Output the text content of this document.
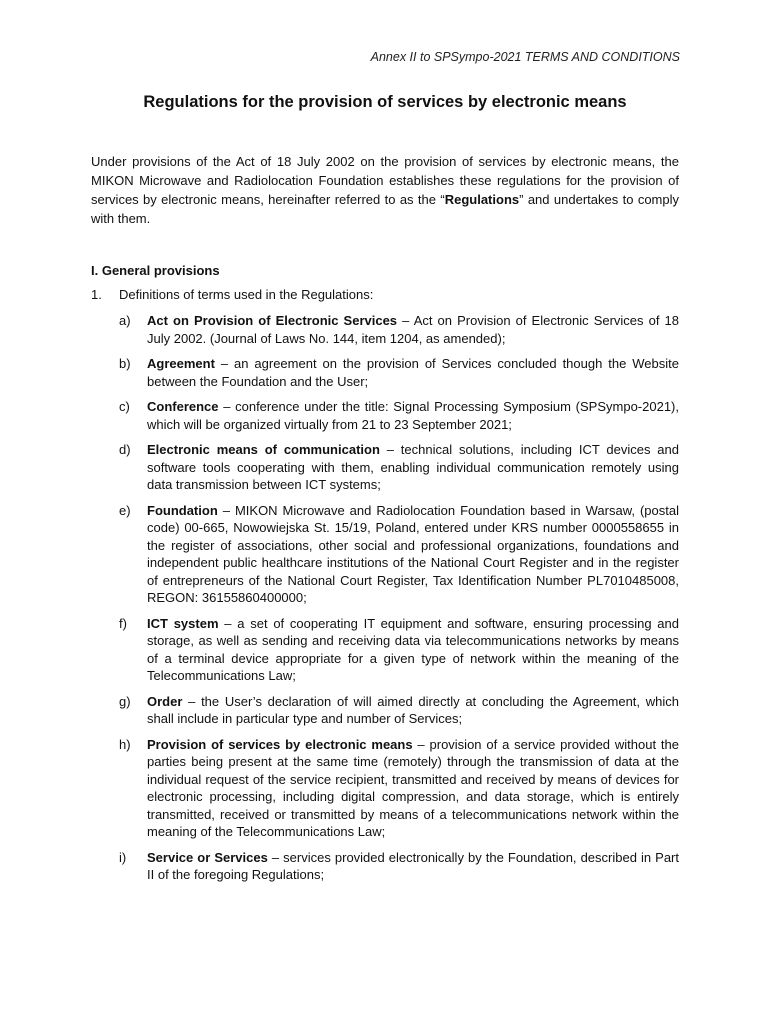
Annex II to SPSympo-2021 TERMS AND CONDITIONS
Regulations for the provision of services by electronic means
Under provisions of the Act of 18 July 2002 on the provision of services by electronic means, the MIKON Microwave and Radiolocation Foundation establishes these regulations for the provision of services by electronic means, hereinafter referred to as the “Regulations” and undertakes to comply with them.
I. General provisions
1. Definitions of terms used in the Regulations:
a)	Act on Provision of Electronic Services – Act on Provision of Electronic Services of 18 July 2002. (Journal of Laws No. 144, item 1204, as amended);
b)	Agreement – an agreement on the provision of Services concluded though the Website between the Foundation and the User;
c)	Conference – conference under the title: Signal Processing Symposium (SPSympo-2021), which will be organized virtually from 21 to 23 September 2021;
d)	Electronic means of communication – technical solutions, including ICT devices and software tools cooperating with them, enabling individual communication remotely using data transmission between ICT systems;
e)	Foundation – MIKON Microwave and Radiolocation Foundation based in Warsaw, (postal code) 00-665, Nowowiejska St. 15/19, Poland, entered under KRS number 0000558655 in the register of associations, other social and professional organizations, foundations and independent public healthcare institutions of the National Court Register and in the register of entrepreneurs of the National Court Register, Tax Identification Number PL7010485008, REGON: 36155860400000;
f)	ICT system – a set of cooperating IT equipment and software, ensuring processing and storage, as well as sending and receiving data via telecommunications networks by means of a terminal device appropriate for a given type of network within the meaning of the Telecommunications Law;
g)	Order – the User’s declaration of will aimed directly at concluding the Agreement, which shall include in particular type and number of Services;
h)	Provision of services by electronic means – provision of a service provided without the parties being present at the same time (remotely) through the transmission of data at the individual request of the service recipient, transmitted and received by means of devices for electronic processing, including digital compression, and data storage, which is entirely transmitted, received or transmitted by means of a telecommunications network within the meaning of the Telecommunications Law;
i)	Service or Services – services provided electronically by the Foundation, described in Part II of the foregoing Regulations;
